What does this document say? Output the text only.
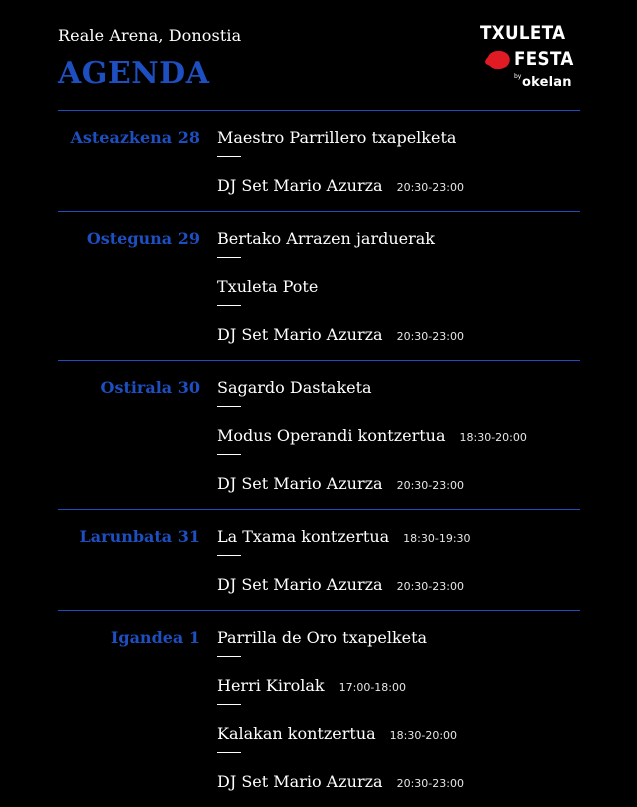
Reale Arena, Donostia
AGENDA
TXULETA
FESTA
by okelan
Asteazkena 28 Maestro Parrillero txapelketa
DJ Set Mario Azurza 20:30-23:00
Osteguna 29 Bertako Arrazen jarduerak
Txuleta Pote
DJ Set Mario Azurza 20:30-23:00
Ostirala 30 Sagardo Dastaketa
Modus Operandi kontzertua 18:30-20:00
DJ Set Mario Azurza 20:30-23:00
Larunbata 31 La Txama kontzertua 18:30-19:30
DJ Set Mario Azurza 20:30-23:00
Igandea 1 Parrilla de Oro txapelketa
Herri Kirolak 17:00-18:00
Kalakan kontzertua 18:30-20:00
DJ Set Mario Azurza 20:30-23:00
